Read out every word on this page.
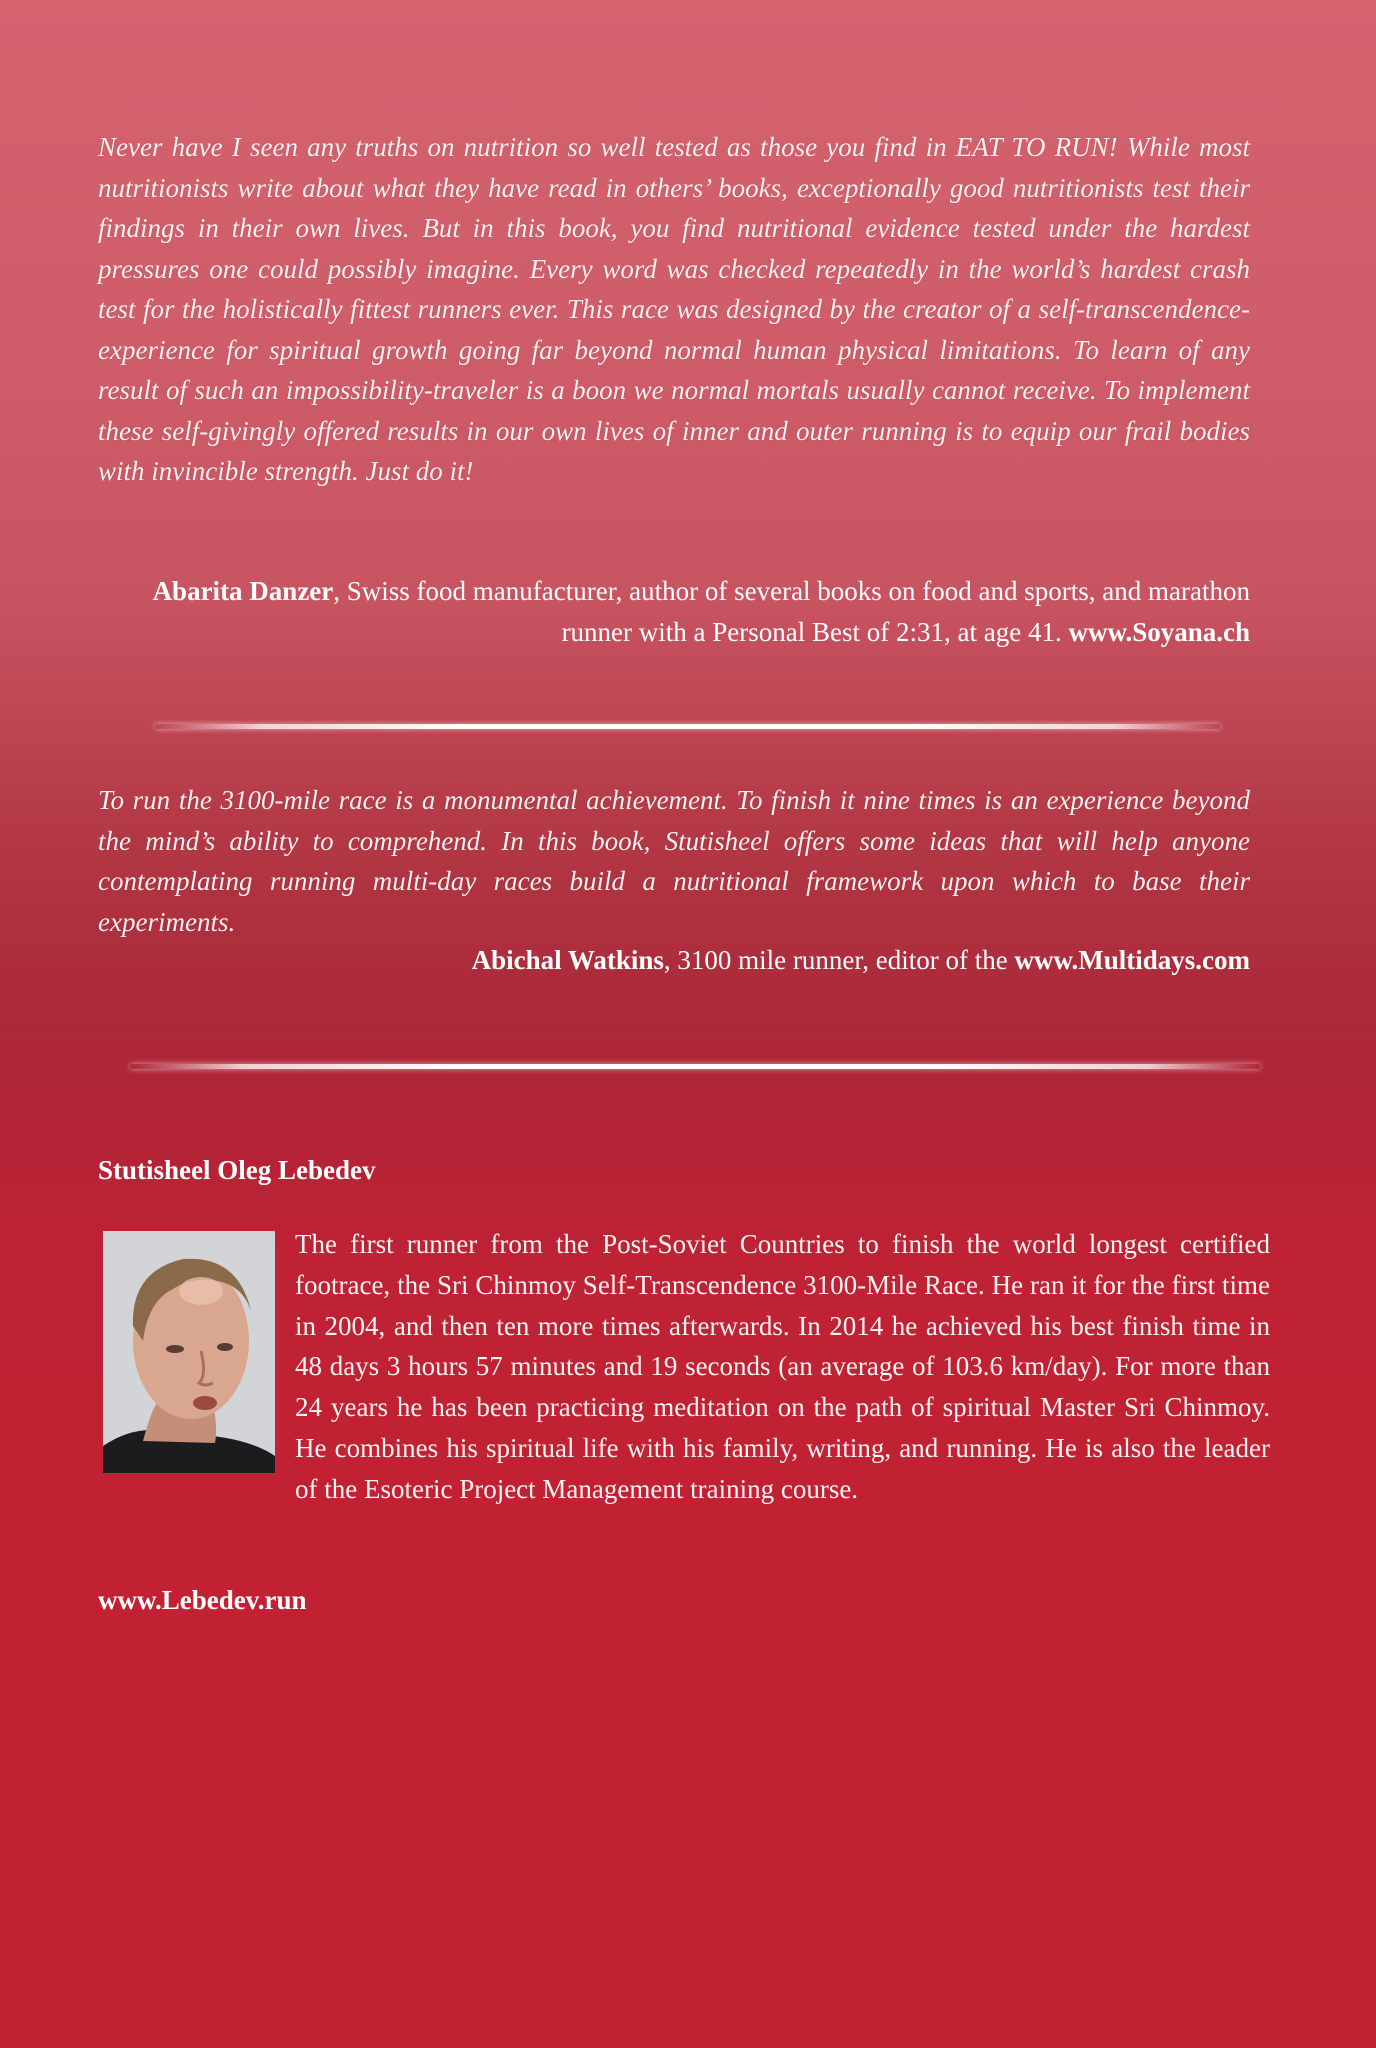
Never have I seen any truths on nutrition so well tested as those you find in EAT TO RUN! While most nutritionists write about what they have read in others’ books, exceptionally good nutritionists test their findings in their own lives. But in this book, you find nutritional evidence tested under the hardest pressures one could possibly imagine. Every word was checked repeatedly in the world’s hardest crash test for the holistically fittest runners ever. This race was designed by the creator of a self-transcendence-experience for spiritual growth going far beyond normal human physical limitations. To learn of any result of such an impossibility-traveler is a boon we normal mortals usually cannot receive. To implement these self-givingly offered results in our own lives of inner and outer running is to equip our frail bodies with invincible strength. Just do it!

Abarita Danzer, Swiss food manufacturer, author of several books on food and sports, and marathon runner with a Personal Best of 2:31, at age 41. www.Soyana.ch

To run the 3100-mile race is a monumental achievement. To finish it nine times is an experience beyond the mind’s ability to comprehend. In this book, Stutisheel offers some ideas that will help anyone contemplating running multi-day races build a nutritional framework upon which to base their experiments.

Abichal Watkins, 3100 mile runner, editor of the www.Multidays.com
Stutisheel Oleg Lebedev
The first runner from the Post-Soviet Countries to finish the world longest certified footrace, the Sri Chinmoy Self-Transcendence 3100-Mile Race. He ran it for the first time in 2004, and then ten more times afterwards. In 2014 he achieved his best finish time in 48 days 3 hours 57 minutes and 19 seconds (an average of 103.6 km/day). For more than 24 years he has been practicing meditation on the path of spiritual Master Sri Chinmoy. He combines his spiritual life with his family, writing, and running. He is also the leader of the Esoteric Project Management training course.
www.Lebedev.run
